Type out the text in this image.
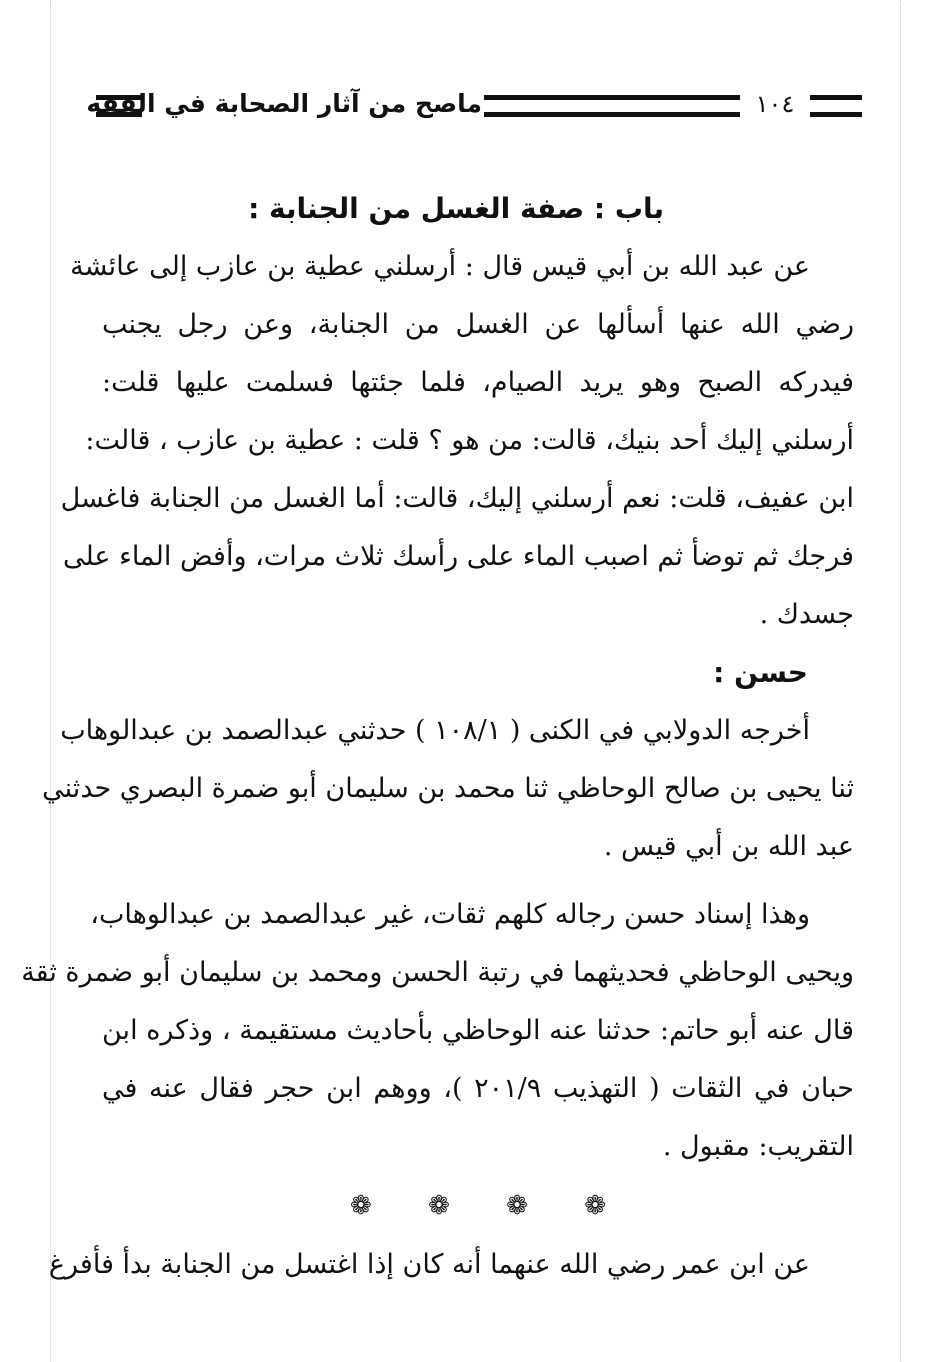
ماصح من آثار الصحابة في الفقه	١٠٤
باب : صفة الغسل من الجنابة :
عن عبد الله بن أبي قيس قال : أرسلني عطية بن عازب إلى عائشة
رضي الله عنها أسألها عن الغسل من الجنابة، وعن رجل يجنب
فيدركه الصبح وهو يريد الصيام، فلما جئتها فسلمت عليها قلت:
أرسلني إليك أحد بنيك، قالت: من هو ؟ قلت : عطية بن عازب ، قالت:
ابن عفيف، قلت: نعم أرسلني إليك، قالت: أما الغسل من الجنابة فاغسل
فرجك ثم توضأ ثم اصبب الماء على رأسك ثلاث مرات، وأفض الماء على
جسدك .
حسن :
أخرجه الدولابي في الكنى ( ١٠٨/١ ) حدثني عبدالصمد بن عبدالوهاب
ثنا يحيى بن صالح الوحاظي ثنا محمد بن سليمان أبو ضمرة البصري حدثني
عبد الله بن أبي قيس .
وهذا إسناد حسن رجاله كلهم ثقات، غير عبدالصمد بن عبدالوهاب،
ويحيى الوحاظي فحديثهما في رتبة الحسن ومحمد بن سليمان أبو ضمرة ثقة
قال عنه أبو حاتم: حدثنا عنه الوحاظي بأحاديث مستقيمة ، وذكره ابن
حبان في الثقات ( التهذيب ٢٠١/٩ )، ووهم ابن حجر فقال عنه في
التقريب: مقبول .
❁ ❁ ❁ ❁
عن ابن عمر رضي الله عنهما أنه كان إذا اغتسل من الجنابة بدأ فأفرغ
